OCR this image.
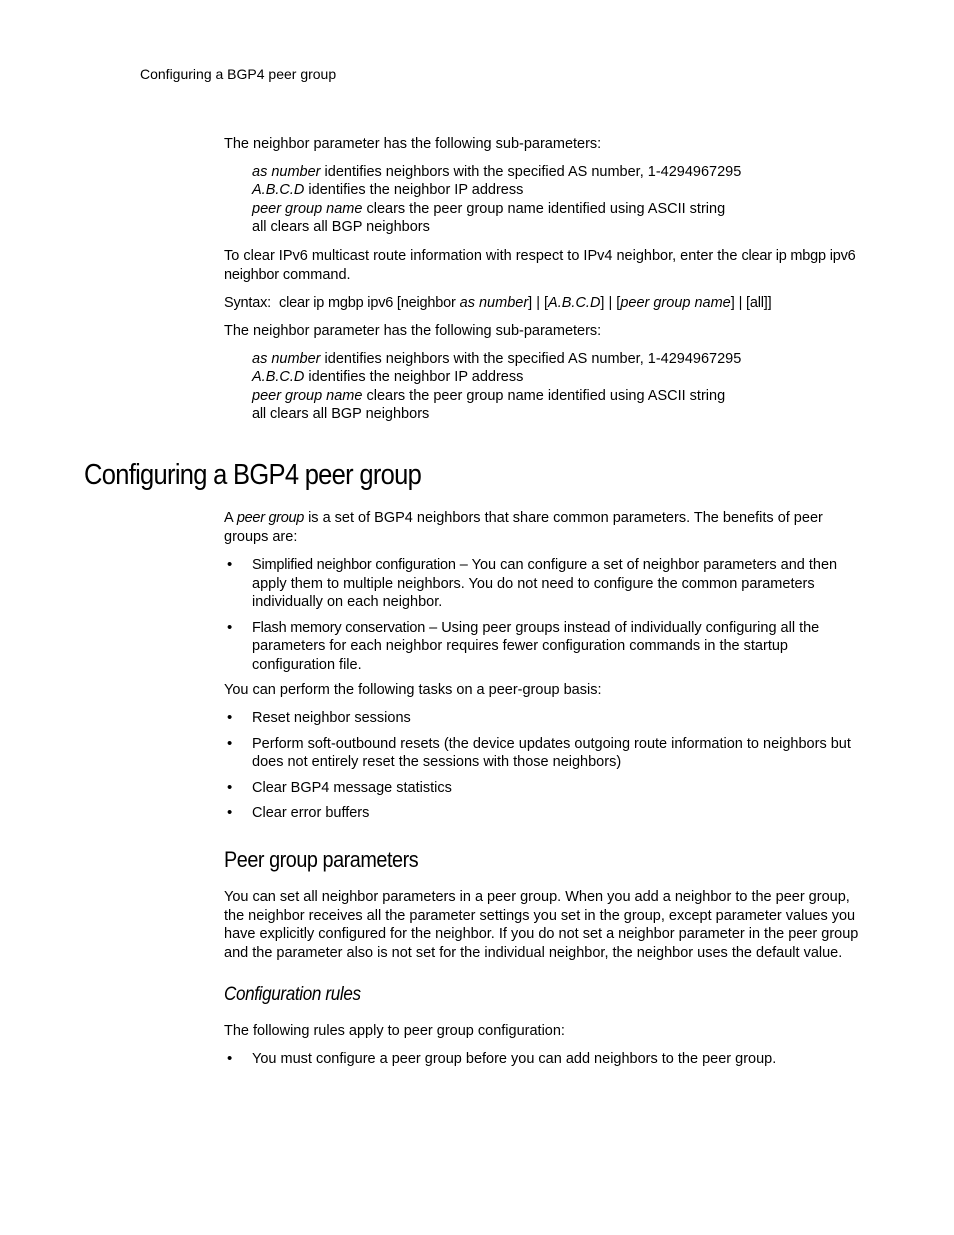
Configuring a BGP4 peer group

The neighbor parameter has the following sub-parameters:

as number identifies neighbors with the specified AS number, 1-4294967295
A.B.C.D identifies the neighbor IP address
peer group name clears the peer group name identified using ASCII string
all clears all BGP neighbors

To clear IPv6 multicast route information with respect to IPv4 neighbor, enter the clear ip mbgp ipv6 neighbor command.

Syntax: clear ip mgbp ipv6 [neighbor as number] | [A.B.C.D] | [peer group name] | [all]]

The neighbor parameter has the following sub-parameters:

as number identifies neighbors with the specified AS number, 1-4294967295
A.B.C.D identifies the neighbor IP address
peer group name clears the peer group name identified using ASCII string
all clears all BGP neighbors
Configuring a BGP4 peer group

A peer group is a set of BGP4 neighbors that share common parameters. The benefits of peer groups are:

• Simplified neighbor configuration – You can configure a set of neighbor parameters and then apply them to multiple neighbors. You do not need to configure the common parameters individually on each neighbor.
• Flash memory conservation – Using peer groups instead of individually configuring all the parameters for each neighbor requires fewer configuration commands in the startup configuration file.

You can perform the following tasks on a peer-group basis:

• Reset neighbor sessions
• Perform soft-outbound resets (the device updates outgoing route information to neighbors but does not entirely reset the sessions with those neighbors)
• Clear BGP4 message statistics
• Clear error buffers
Peer group parameters

You can set all neighbor parameters in a peer group. When you add a neighbor to the peer group, the neighbor receives all the parameter settings you set in the group, except parameter values you have explicitly configured for the neighbor. If you do not set a neighbor parameter in the peer group and the parameter also is not set for the individual neighbor, the neighbor uses the default value.

Configuration rules

The following rules apply to peer group configuration:

• You must configure a peer group before you can add neighbors to the peer group.
